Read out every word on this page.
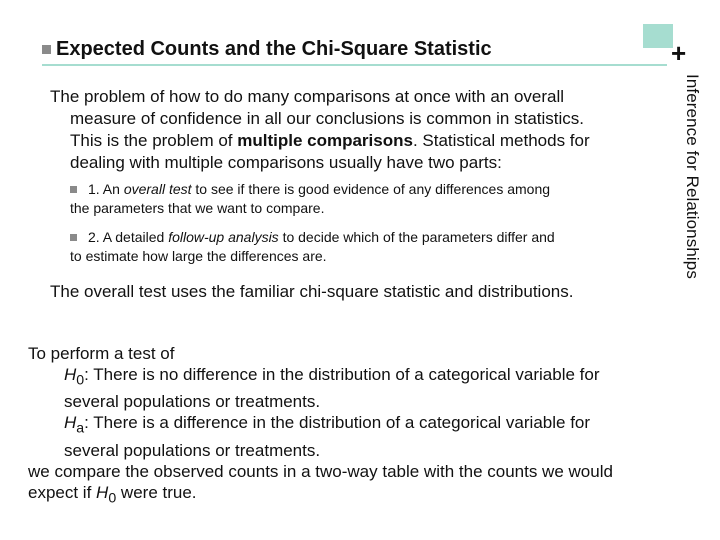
+
Expected Counts and the Chi-Square Statistic
Inference for Relationships
The problem of how to do many comparisons at once with an overall
measure of confidence in all our conclusions is common in statistics.
This is the problem of multiple comparisons. Statistical methods for
dealing with multiple comparisons usually have two parts:
1. An overall test to see if there is good evidence of any differences among
the parameters that we want to compare.
2. A detailed follow-up analysis to decide which of the parameters differ and
to estimate how large the differences are.
The overall test uses the familiar chi-square statistic and distributions.
To perform a test of
$H_0$: There is no difference in the distribution of a categorical variable for
several populations or treatments.
$H_a$: There is a difference in the distribution of a categorical variable for
several populations or treatments.
we compare the observed counts in a two-way table with the counts we would
expect if $H_0$ were true.
